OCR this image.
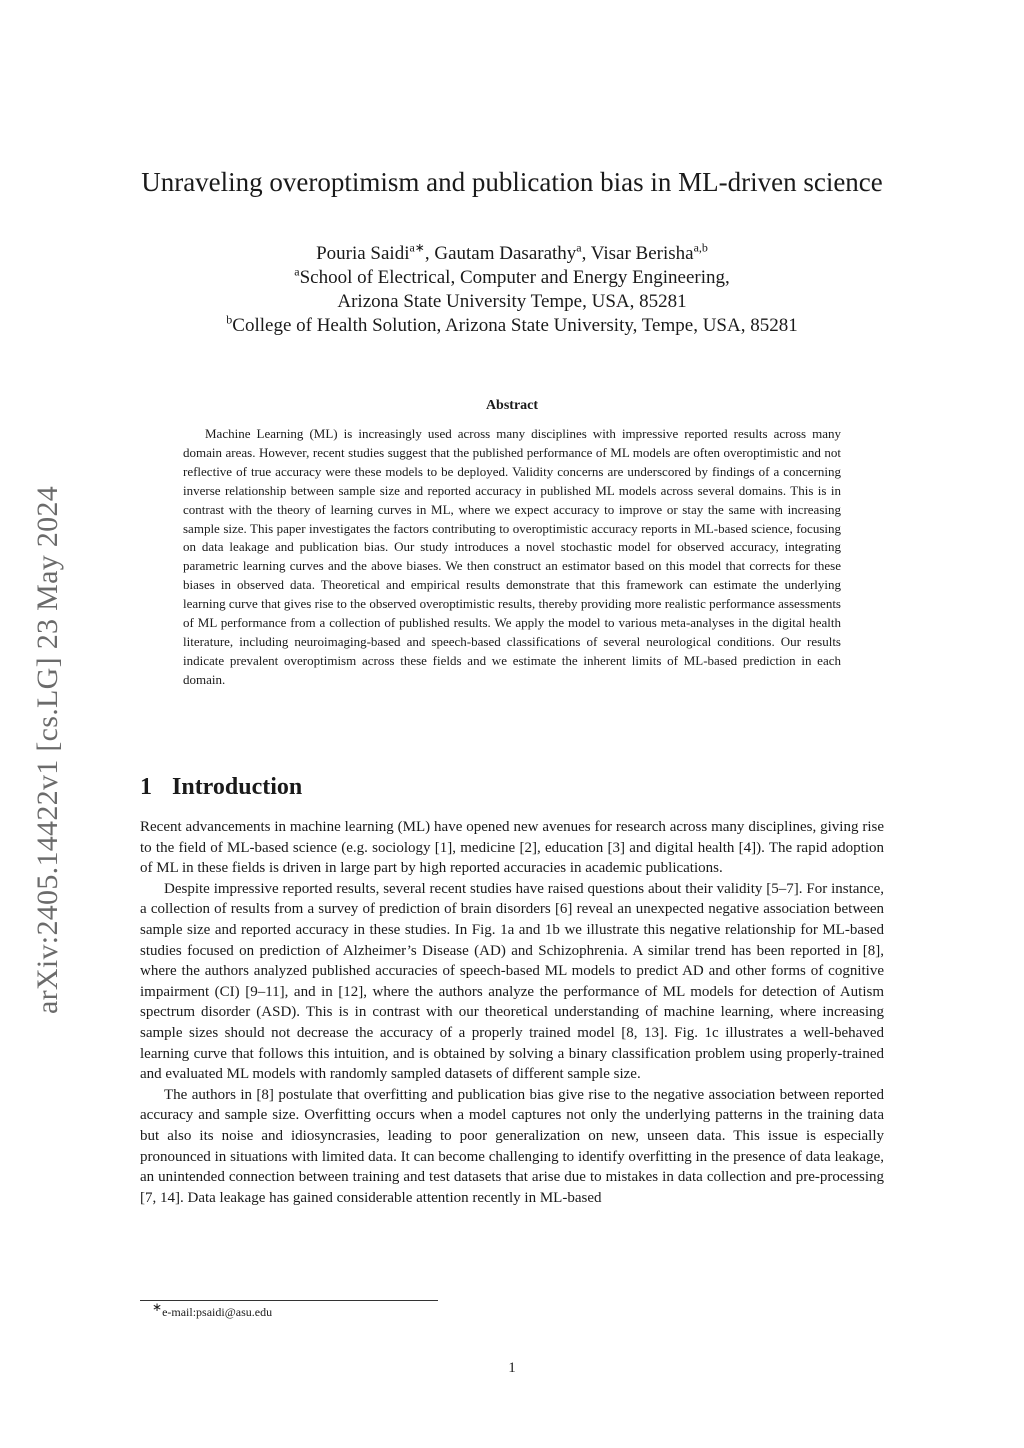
arXiv:2405.14422v1 [cs.LG] 23 May 2024
Unraveling overoptimism and publication bias in ML-driven science
Pouria Saidi$^{a∗}$, Gautam Dasarathy$^a$, Visar Berisha$^{a,b}$
$^a$School of Electrical, Computer and Energy Engineering,
Arizona State University Tempe, USA, 85281
$^b$College of Health Solution, Arizona State University, Tempe, USA, 85281
Abstract
Machine Learning (ML) is increasingly used across many disciplines with impressive reported results across many domain areas. However, recent studies suggest that the published performance of ML models are often overoptimistic and not reflective of true accuracy were these models to be deployed. Validity concerns are underscored by findings of a concerning inverse relationship between sample size and reported accuracy in published ML models across several domains. This is in contrast with the theory of learning curves in ML, where we expect accuracy to improve or stay the same with increasing sample size. This paper investigates the factors contributing to overoptimistic accuracy reports in ML-based science, focusing on data leakage and publication bias. Our study introduces a novel stochastic model for observed accuracy, integrating parametric learning curves and the above biases. We then construct an estimator based on this model that corrects for these biases in observed data. Theoretical and empirical results demonstrate that this framework can estimate the underlying learning curve that gives rise to the observed overoptimistic results, thereby providing more realistic performance assessments of ML performance from a collection of published results. We apply the model to various meta-analyses in the digital health literature, including neuroimaging-based and speech-based classifications of several neurological conditions. Our results indicate prevalent overoptimism across these fields and we estimate the inherent limits of ML-based prediction in each domain.
1 Introduction

Recent advancements in machine learning (ML) have opened new avenues for research across many disciplines, giving rise to the field of ML-based science (e.g. sociology [1], medicine [2], education [3] and digital health [4]). The rapid adoption of ML in these fields is driven in large part by high reported accuracies in academic publications.

Despite impressive reported results, several recent studies have raised questions about their validity [5–7]. For instance, a collection of results from a survey of prediction of brain disorders [6] reveal an unexpected negative association between sample size and reported accuracy in these studies. In Fig. 1a and 1b we illustrate this negative relationship for ML-based studies focused on prediction of Alzheimer’s Disease (AD) and Schizophrenia. A similar trend has been reported in [8], where the authors analyzed published accuracies of speech-based ML models to predict AD and other forms of cognitive impairment (CI) [9–11], and in [12], where the authors analyze the performance of ML models for detection of Autism spectrum disorder (ASD). This is in contrast with our theoretical understanding of machine learning, where increasing sample sizes should not decrease the accuracy of a properly trained model [8, 13]. Fig. 1c illustrates a well-behaved learning curve that follows this intuition, and is obtained by solving a binary classification problem using properly-trained and evaluated ML models with randomly sampled datasets of different sample size.

The authors in [8] postulate that overfitting and publication bias give rise to the negative association between reported accuracy and sample size. Overfitting occurs when a model captures not only the underlying patterns in the training data but also its noise and idiosyncrasies, leading to poor generalization on new, unseen data. This issue is especially pronounced in situations with limited data. It can become challenging to identify overfitting in the presence of data leakage, an unintended connection between training and test datasets that arise due to mistakes in data collection and pre-processing [7, 14]. Data leakage has gained considerable attention recently in ML-based

∗e-mail:psaidi@asu.edu
1
